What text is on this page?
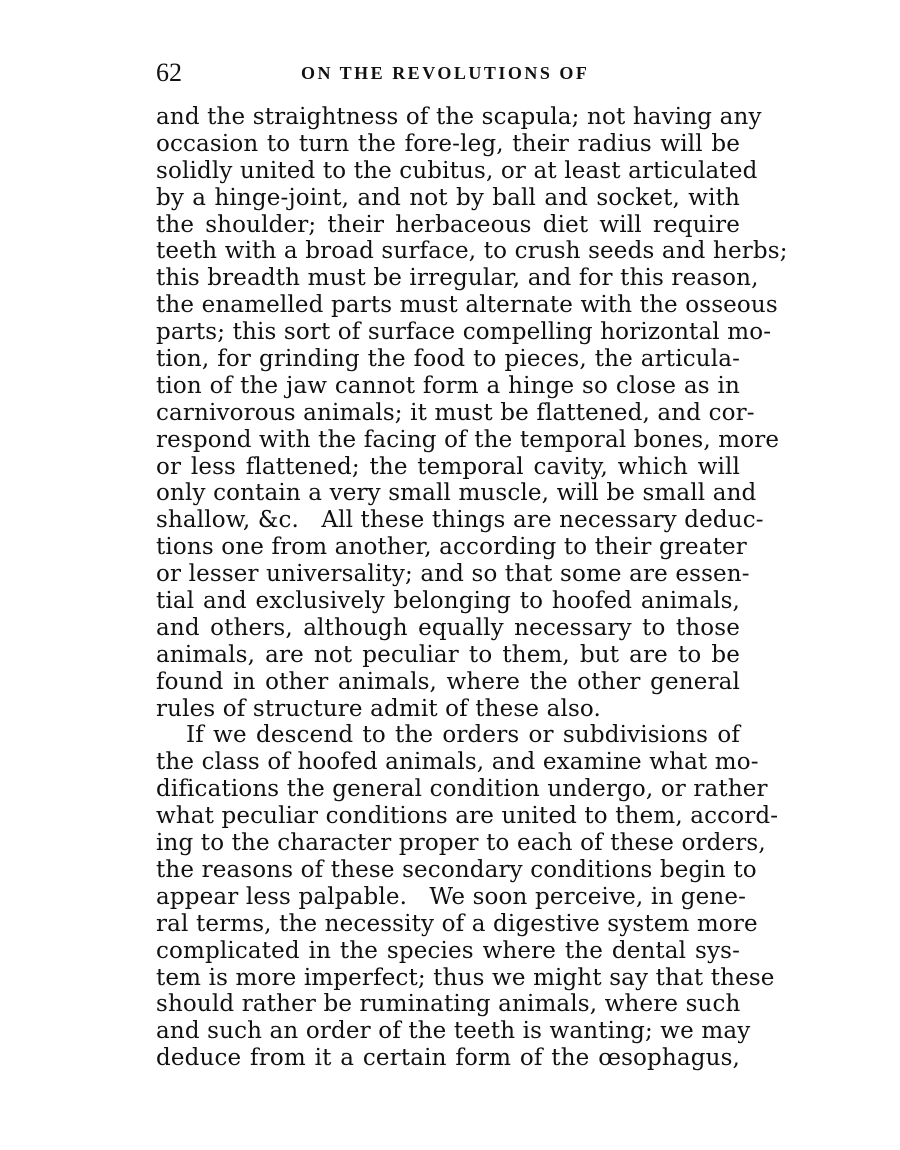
62	ON THE REVOLUTIONS OF
and the straightness of the scapula; not having any
occasion to turn the fore-leg, their radius will be
solidly united to the cubitus, or at least articulated
by a hinge-joint, and not by ball and socket, with
the shoulder; their herbaceous diet will require
teeth with a broad surface, to crush seeds and herbs;
this breadth must be irregular, and for this reason,
the enamelled parts must alternate with the osseous
parts; this sort of surface compelling horizontal mo-
tion, for grinding the food to pieces, the articula-
tion of the jaw cannot form a hinge so close as in
carnivorous animals; it must be flattened, and cor-
respond with the facing of the temporal bones, more
or less flattened; the temporal cavity, which will
only contain a very small muscle, will be small and
shallow, &c.   All these things are necessary deduc-
tions one from another, according to their greater
or lesser universality; and so that some are essen-
tial and exclusively belonging to hoofed animals,
and others, although equally necessary to those
animals, are not peculiar to them, but are to be
found in other animals, where the other general
rules of structure admit of these also.
If we descend to the orders or subdivisions of
the class of hoofed animals, and examine what mo-
difications the general condition undergo, or rather
what peculiar conditions are united to them, accord-
ing to the character proper to each of these orders,
the reasons of these secondary conditions begin to
appear less palpable.   We soon perceive, in gene-
ral terms, the necessity of a digestive system more
complicated in the species where the dental sys-
tem is more imperfect; thus we might say that these
should rather be ruminating animals, where such
and such an order of the teeth is wanting; we may
deduce from it a certain form of the œsophagus,
